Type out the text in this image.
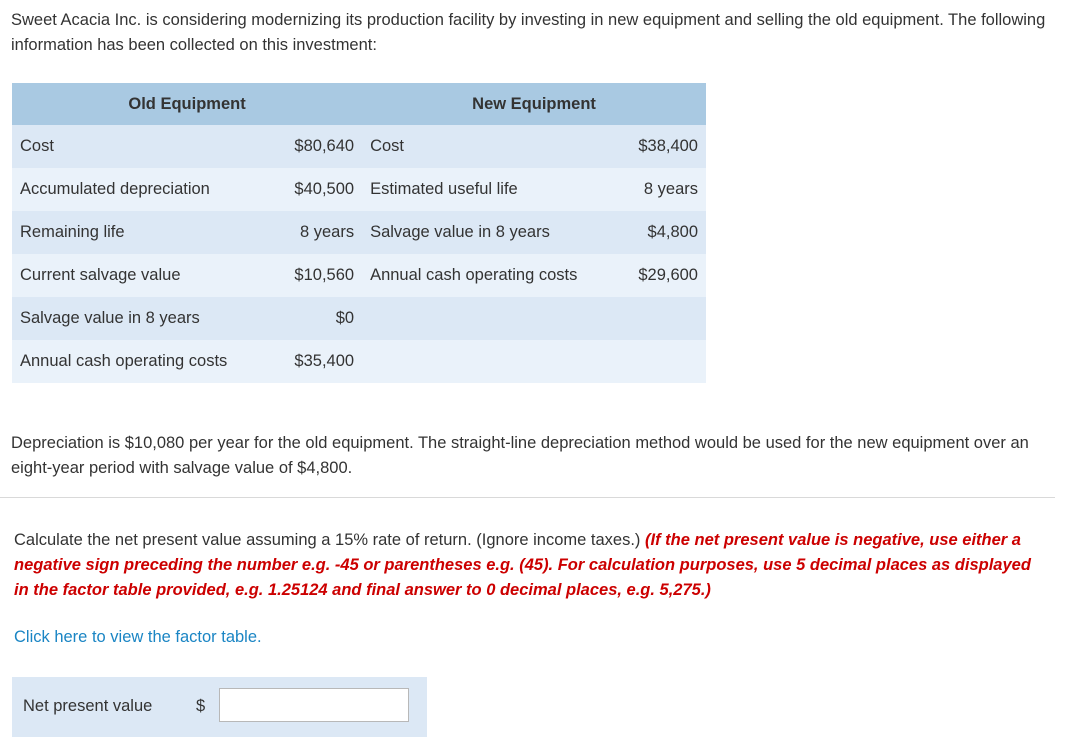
Sweet Acacia Inc. is considering modernizing its production facility by investing in new equipment and selling the old equipment. The following information has been collected on this investment:

Old Equipment		New Equipment	
Cost	$80,640	Cost	$38,400
Accumulated depreciation	$40,500	Estimated useful life	8 years
Remaining life	8 years	Salvage value in 8 years	$4,800
Current salvage value	$10,560	Annual cash operating costs	$29,600
Salvage value in 8 years	$0		
Annual cash operating costs	$35,400		

Depreciation is $10,080 per year for the old equipment. The straight-line depreciation method would be used for the new equipment over an eight-year period with salvage value of $4,800.

Calculate the net present value assuming a 15% rate of return. (Ignore income taxes.) (If the net present value is negative, use either a negative sign preceding the number e.g. -45 or parentheses e.g. (45). For calculation purposes, use 5 decimal places as displayed in the factor table provided, e.g. 1.25124 and final answer to 0 decimal places, e.g. 5,275.)

Click here to view the factor table.
Net present value	$
